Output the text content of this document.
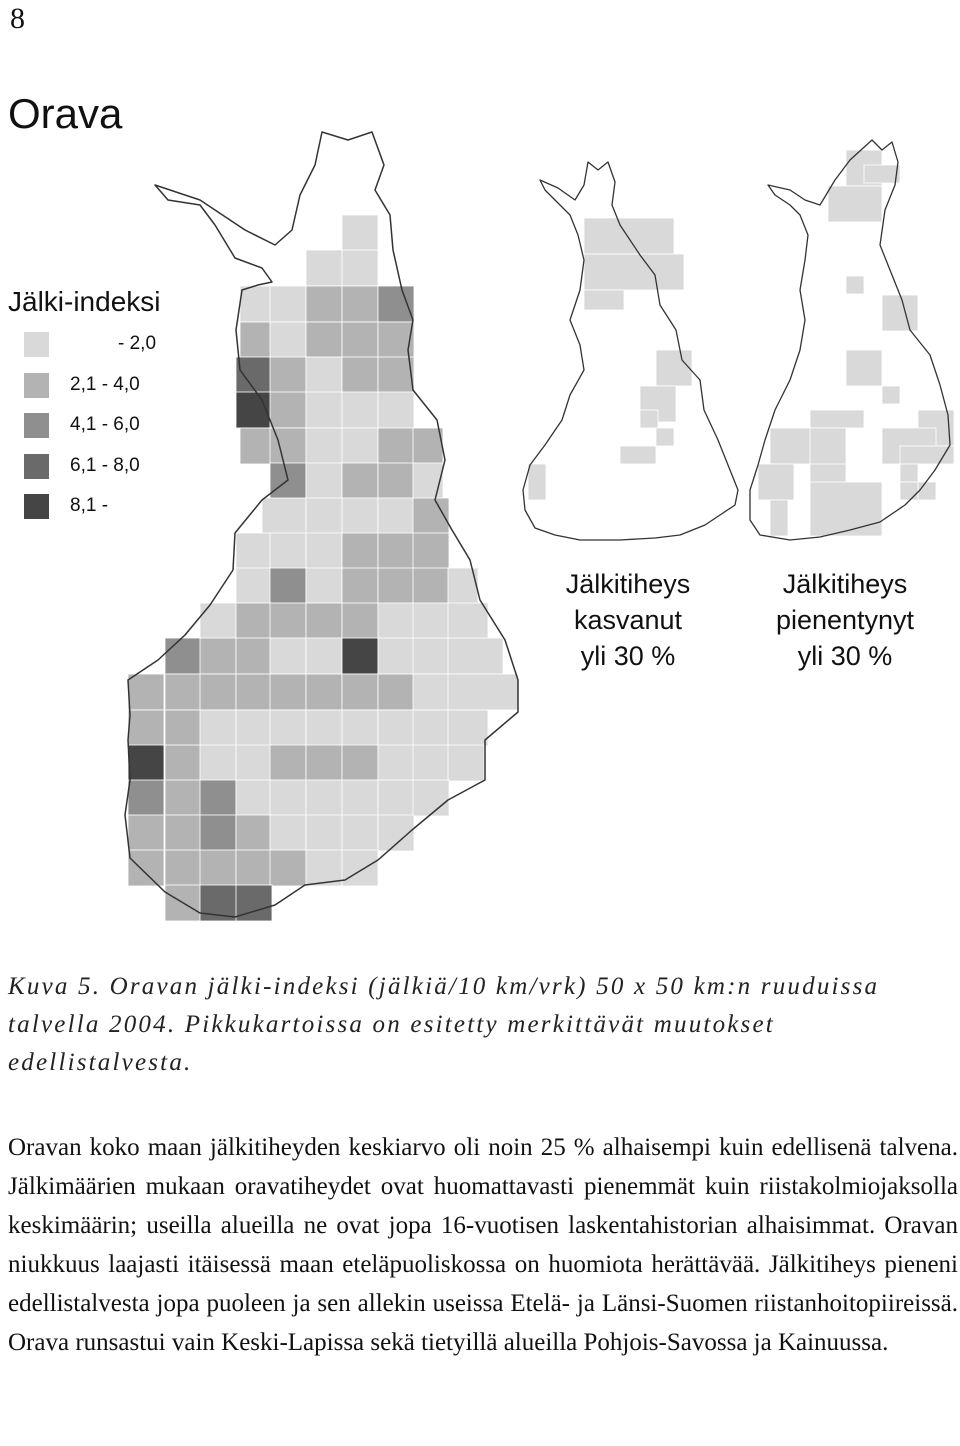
8
Orava
Jälki-indeksi
- 2,0
2,1 - 4,0
4,1 - 6,0
6,1 - 8,0
8,1 -
Jälkitiheys
kasvanut
yli 30 %
Jälkitiheys
pienentynyt
yli 30 %

Kuva 5. Oravan jälki-indeksi (jälkiä/10 km/vrk) 50 x 50 km:n ruuduissa talvella 2004. Pikkukartoissa on esitetty merkittävät muutokset edellistalvesta.

Oravan koko maan jälkitiheyden keskiarvo oli noin 25 % alhaisempi kuin edellisenä talvena. Jälkimäärien mukaan oravatiheydet ovat huomattavasti pienemmät kuin riistakolmiojaksolla keskimäärin; useilla alueilla ne ovat jopa 16-vuotisen laskentahistorian alhaisimmat. Oravan niukkuus laajasti itäisessä maan eteläpuoliskossa on huomiota herättävää. Jälkitiheys pieneni edellistalvesta jopa puoleen ja sen allekin useissa Etelä- ja Länsi-Suomen riistanhoitopiireissä. Orava runsastui vain Keski-Lapissa sekä tietyillä alueilla Pohjois-Savossa ja Kainuussa.
